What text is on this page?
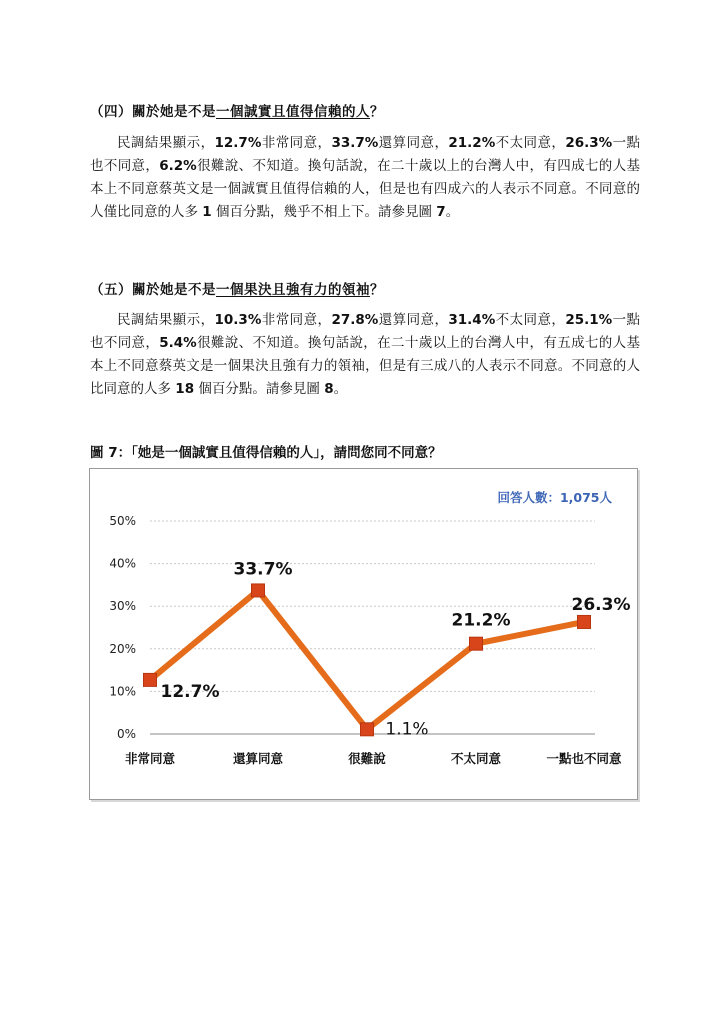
（四）關於她是不是一個誠實且值得信賴的人？
民調結果顯示，12.7%非常同意，33.7%還算同意，21.2%不太同意，26.3%一點也不同意，6.2%很難說、不知道。換句話說，在二十歲以上的台灣人中，有四成七的人基本上不同意蔡英文是一個誠實且值得信賴的人，但是也有四成六的人表示不同意。不同意的人僅比同意的人多 1 個百分點，幾乎不相上下。請參見圖 7。
（五）關於她是不是一個果決且強有力的領袖？
民調結果顯示，10.3%非常同意，27.8%還算同意，31.4%不太同意，25.1%一點也不同意，5.4%很難說、不知道。換句話說，在二十歲以上的台灣人中，有五成七的人基本上不同意蔡英文是一個果決且強有力的領袖，但是有三成八的人表示不同意。不同意的人比同意的人多 18 個百分點。請參見圖 8。
圖 7：「她是一個誠實且值得信賴的人」，請問您同不同意？
0%
10%
20%
30%
40%
50%
非常同意	還算同意	很難說	不太同意	一點也不同意
12.7%
33.7%
1.1%
21.2%
26.3%
回答人數：1,075人
